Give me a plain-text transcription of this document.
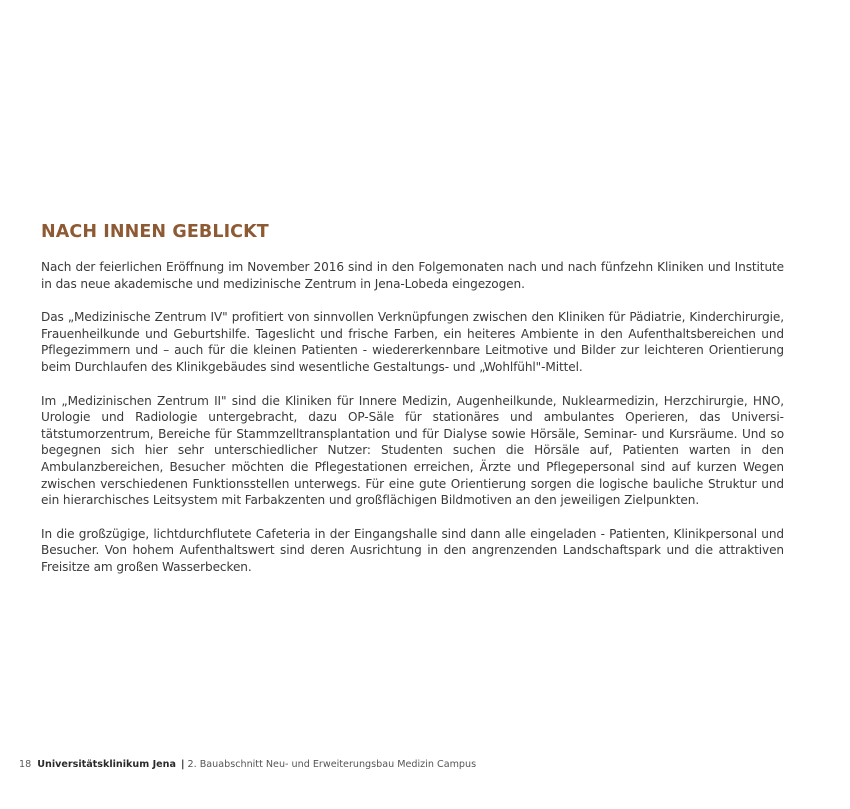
NACH INNEN GEBLICKT

Nach der feierlichen Eröffnung im November 2016 sind in den Folgemonaten nach und nach fünfzehn Kliniken und Institute in das neue akademische und medizinische Zentrum in Jena-Lobeda eingezogen.

Das „Medizinische Zentrum IV" profitiert von sinnvollen Verknüpfungen zwischen den Kliniken für Pädiatrie, Kinderchirurgie, Frauenheilkunde und Geburtshilfe. Tageslicht und frische Farben, ein heiteres Ambiente in den Aufenthaltsbereichen und Pflegezimmern und – auch für die kleinen Patienten - wiedererkennbare Leitmotive und Bilder zur leichteren Orientierung beim Durchlaufen des Klinikgebäudes sind wesentliche Gestaltungs- und „Wohlfühl"-Mittel.

Im „Medizinischen Zentrum II" sind die Kliniken für Innere Medizin, Augenheilkunde, Nuklearmedizin, Herzchirurgie, HNO, Urologie und Radiologie untergebracht, dazu OP-Säle für stationäres und ambulantes Operieren, das Universitätstumorzentrum, Bereiche für Stammzelltransplantation und für Dialyse sowie Hörsäle, Seminar- und Kursräume. Und so begegnen sich hier sehr unterschiedlicher Nutzer: Studenten suchen die Hörsäle auf, Patienten warten in den Ambulanzbereichen, Besucher möchten die Pflegestationen erreichen, Ärzte und Pflegepersonal sind auf kurzen Wegen zwischen verschiedenen Funktionsstellen unterwegs. Für eine gute Orientierung sorgen die logische bauliche Struktur und ein hierarchisches Leitsystem mit Farbakzenten und großflächigen Bildmotiven an den jeweiligen Zielpunkten.

In die großzügige, lichtdurchflutete Cafeteria in der Eingangshalle sind dann alle eingeladen - Patienten, Klinikpersonal und Besucher. Von hohem Aufenthaltswert sind deren Ausrichtung in den angrenzenden Landschaftspark und die attraktiven Freisitze am großen Wasserbecken.

18 Universitätsklinikum Jena | 2. Bauabschnitt Neu- und Erweiterungsbau Medizin Campus
